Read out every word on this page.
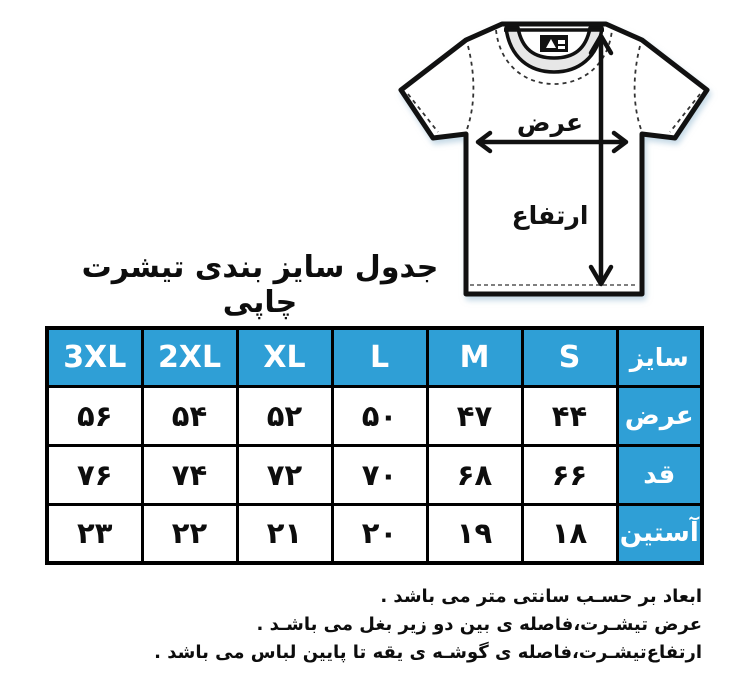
عرض
ارتفاع
جدول سایز بندی تیشرت چاپی
3XL	2XL	XL	L	M	S	سایز
۵۶	۵۴	۵۲	۵۰	۴۷	۴۴	عرض
۷۶	۷۴	۷۲	۷۰	۶۸	۶۶	قد
۲۳	۲۲	۲۱	۲۰	۱۹	۱۸	آستین
ابعاد بر حسـب سانتی متر می باشد .
عرض تیشـرت،فاصله ی بین دو زیر بغل می باشـد .
ارتفاع‌تیشـرت،فاصله ی گوشـه ی یقه تا پایین لباس می باشد .
